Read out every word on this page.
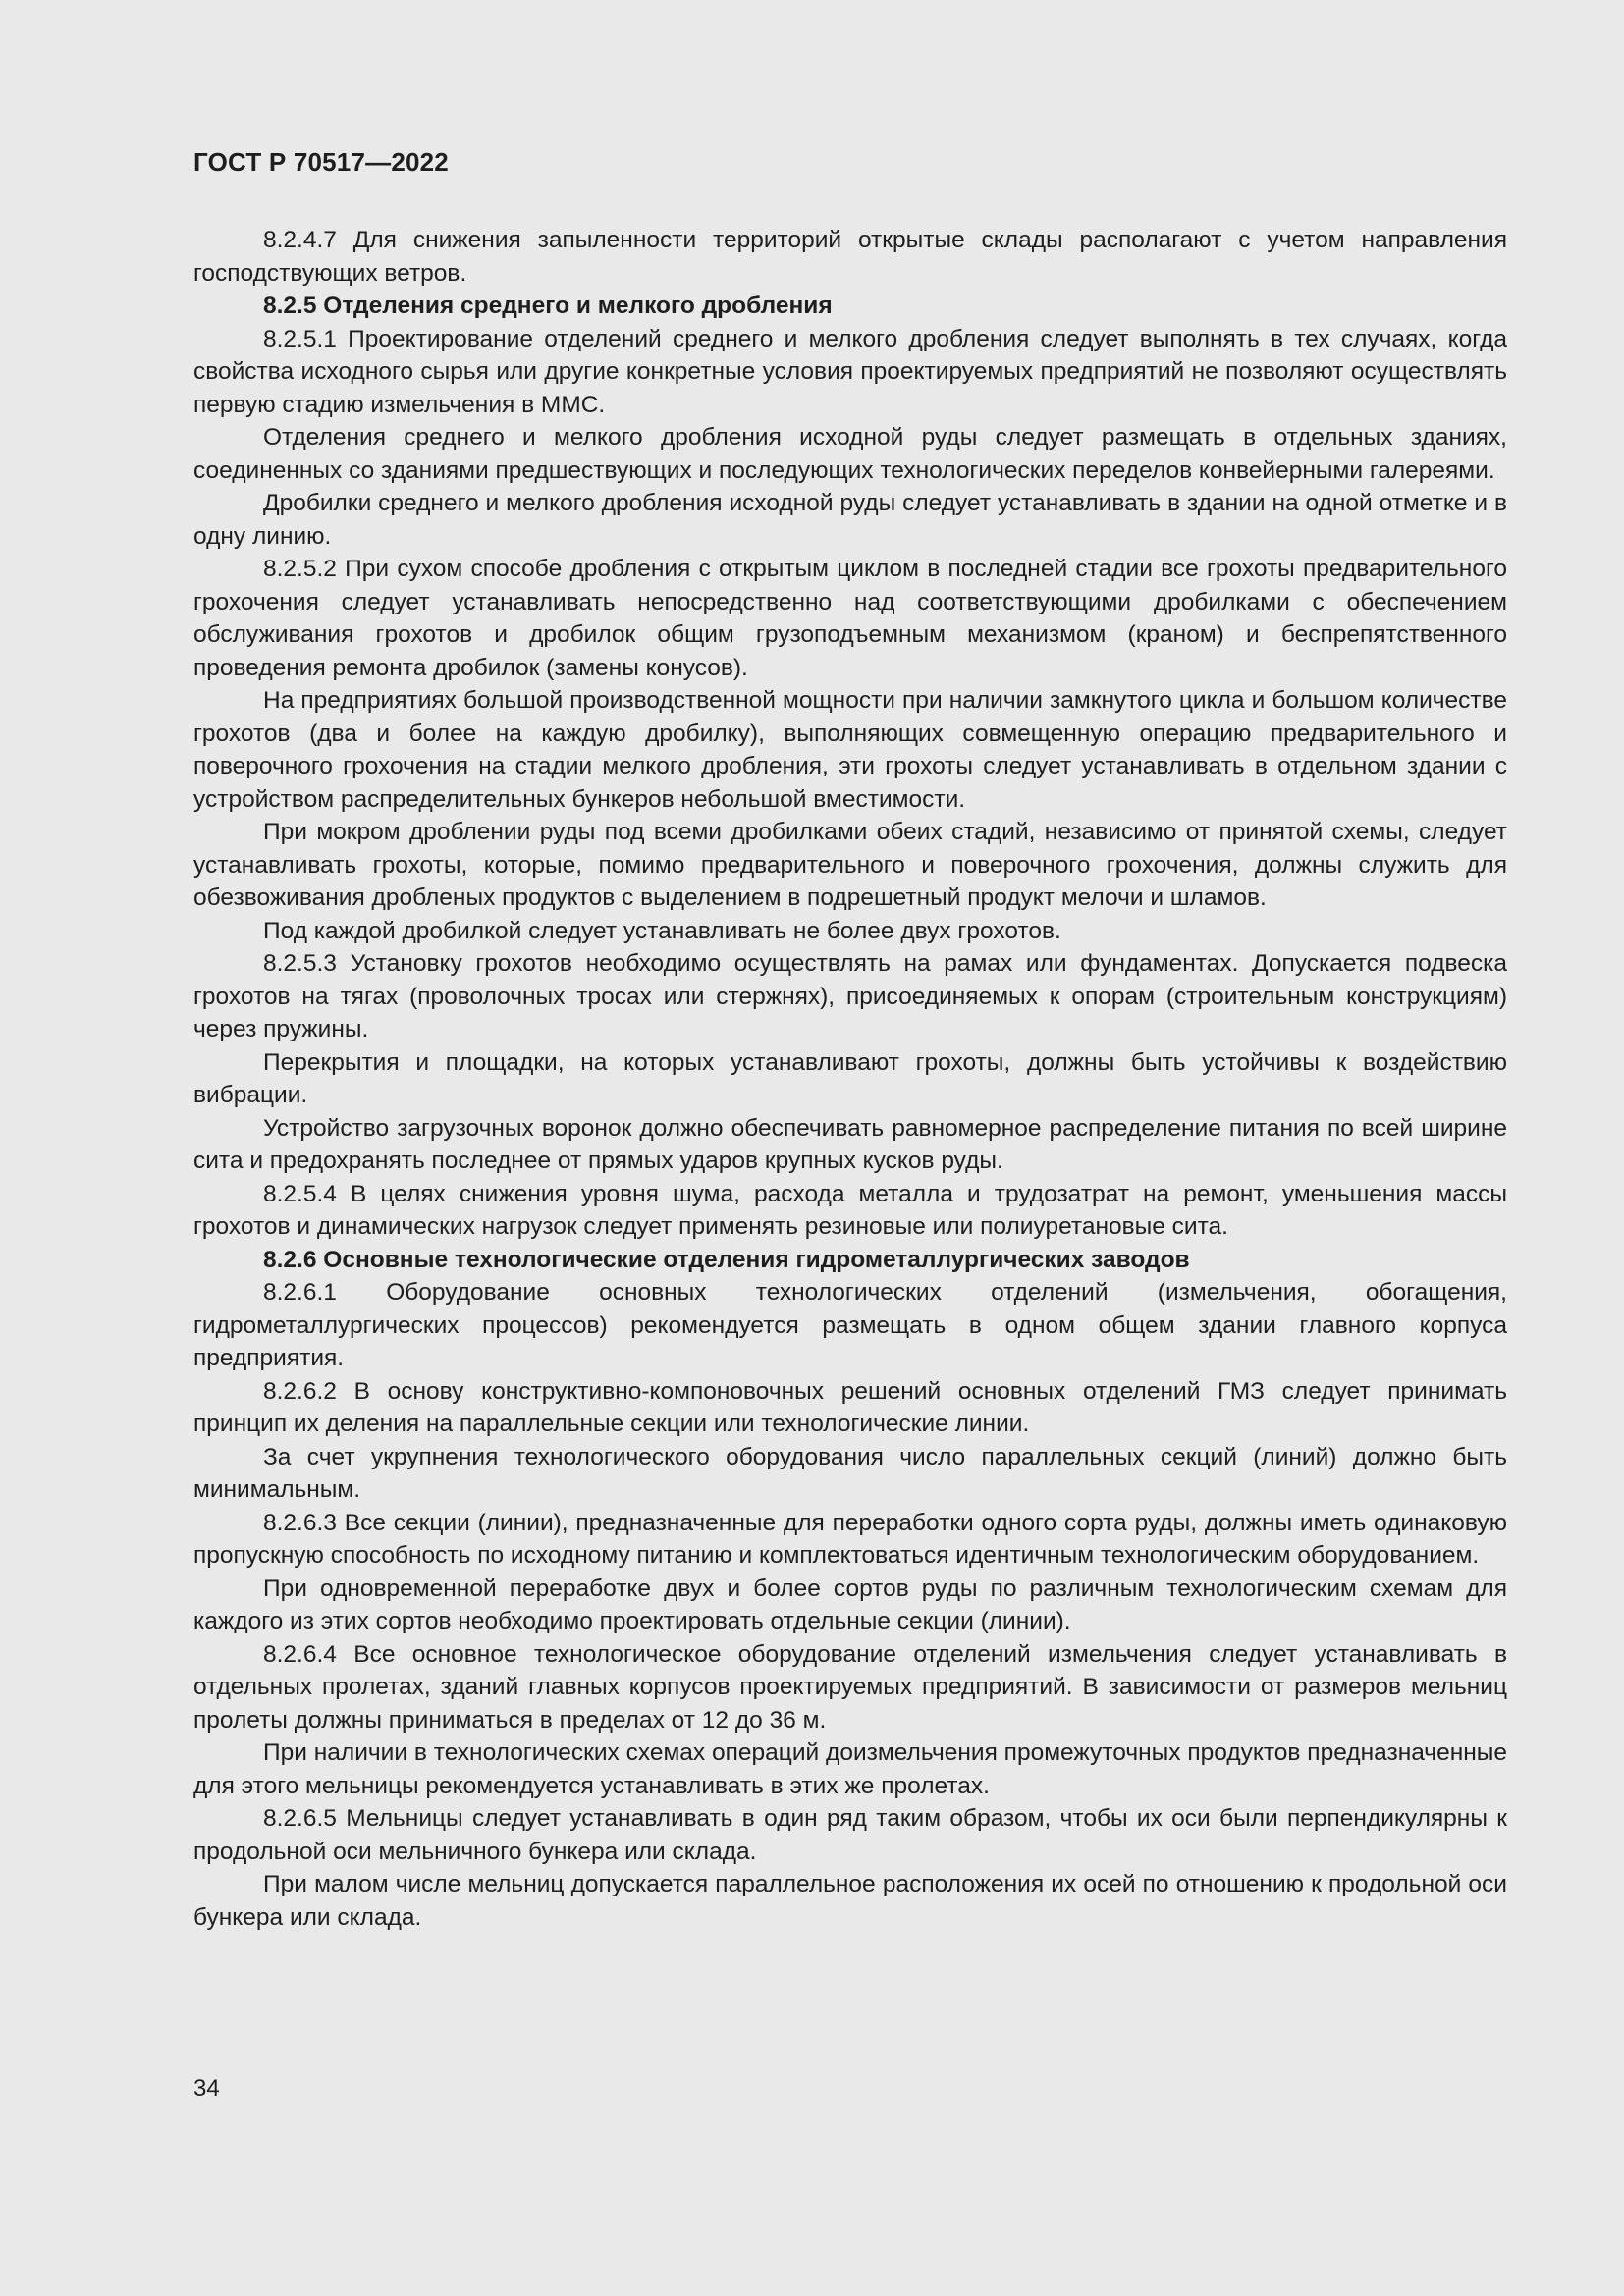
ГОСТ Р 70517—2022

8.2.4.7 Для снижения запыленности территорий открытые склады располагают с учетом направления господствующих ветров.

8.2.5 Отделения среднего и мелкого дробления

8.2.5.1 Проектирование отделений среднего и мелкого дробления следует выполнять в тех случаях, когда свойства исходного сырья или другие конкретные условия проектируемых предприятий не позволяют осуществлять первую стадию измельчения в ММС.

Отделения среднего и мелкого дробления исходной руды следует размещать в отдельных зданиях, соединенных со зданиями предшествующих и последующих технологических переделов конвейерными галереями.

Дробилки среднего и мелкого дробления исходной руды следует устанавливать в здании на одной отметке и в одну линию.

8.2.5.2 При сухом способе дробления с открытым циклом в последней стадии все грохоты предварительного грохочения следует устанавливать непосредственно над соответствующими дробилками с обеспечением обслуживания грохотов и дробилок общим грузоподъемным механизмом (краном) и беспрепятственного проведения ремонта дробилок (замены конусов).

На предприятиях большой производственной мощности при наличии замкнутого цикла и большом количестве грохотов (два и более на каждую дробилку), выполняющих совмещенную операцию предварительного и поверочного грохочения на стадии мелкого дробления, эти грохоты следует устанавливать в отдельном здании с устройством распределительных бункеров небольшой вместимости.

При мокром дроблении руды под всеми дробилками обеих стадий, независимо от принятой схемы, следует устанавливать грохоты, которые, помимо предварительного и поверочного грохочения, должны служить для обезвоживания дробленых продуктов с выделением в подрешетный продукт мелочи и шламов.

Под каждой дробилкой следует устанавливать не более двух грохотов.

8.2.5.3 Установку грохотов необходимо осуществлять на рамах или фундаментах. Допускается подвеска грохотов на тягах (проволочных тросах или стержнях), присоединяемых к опорам (строительным конструкциям) через пружины.

Перекрытия и площадки, на которых устанавливают грохоты, должны быть устойчивы к воздействию вибрации.

Устройство загрузочных воронок должно обеспечивать равномерное распределение питания по всей ширине сита и предохранять последнее от прямых ударов крупных кусков руды.

8.2.5.4 В целях снижения уровня шума, расхода металла и трудозатрат на ремонт, уменьшения массы грохотов и динамических нагрузок следует применять резиновые или полиуретановые сита.

8.2.6 Основные технологические отделения гидрометаллургических заводов

8.2.6.1 Оборудование основных технологических отделений (измельчения, обогащения, гидрометаллургических процессов) рекомендуется размещать в одном общем здании главного корпуса предприятия.

8.2.6.2 В основу конструктивно-компоновочных решений основных отделений ГМЗ следует принимать принцип их деления на параллельные секции или технологические линии.

За счет укрупнения технологического оборудования число параллельных секций (линий) должно быть минимальным.

8.2.6.3 Все секции (линии), предназначенные для переработки одного сорта руды, должны иметь одинаковую пропускную способность по исходному питанию и комплектоваться идентичным технологическим оборудованием.

При одновременной переработке двух и более сортов руды по различным технологическим схемам для каждого из этих сортов необходимо проектировать отдельные секции (линии).

8.2.6.4 Все основное технологическое оборудование отделений измельчения следует устанавливать в отдельных пролетах, зданий главных корпусов проектируемых предприятий. В зависимости от размеров мельниц пролеты должны приниматься в пределах от 12 до 36 м.

При наличии в технологических схемах операций доизмельчения промежуточных продуктов предназначенные для этого мельницы рекомендуется устанавливать в этих же пролетах.

8.2.6.5 Мельницы следует устанавливать в один ряд таким образом, чтобы их оси были перпендикулярны к продольной оси мельничного бункера или склада.

При малом числе мельниц допускается параллельное расположения их осей по отношению к продольной оси бункера или склада.

34
